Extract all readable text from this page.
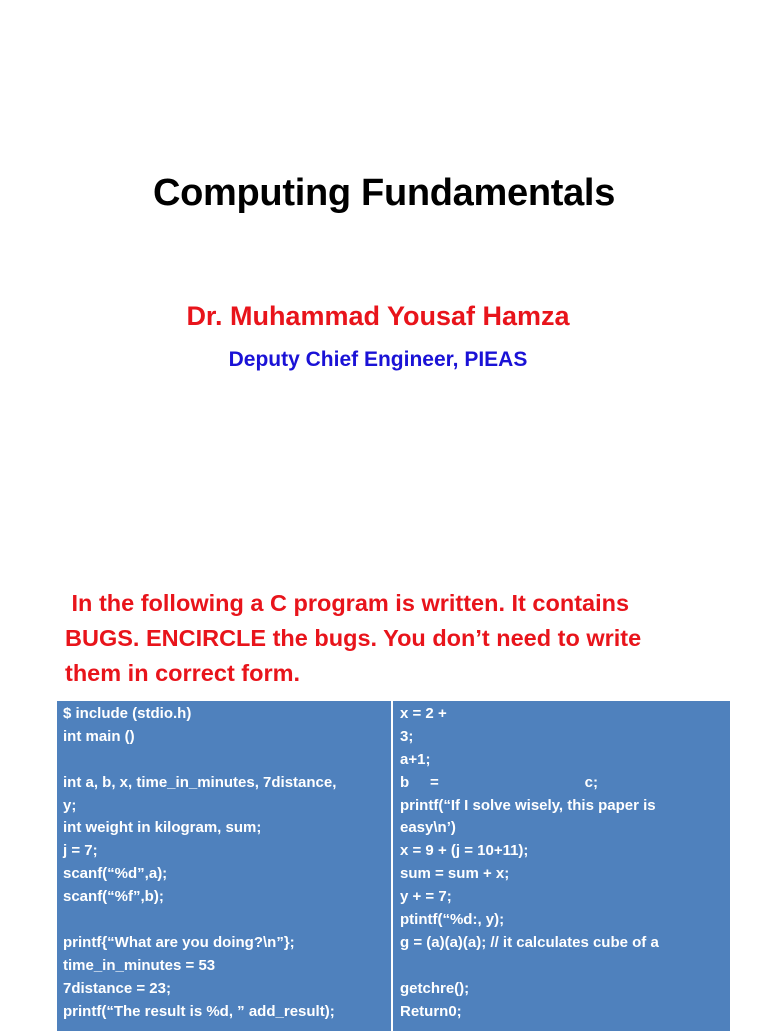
Computing Fundamentals
Dr. Muhammad Yousaf Hamza
Deputy Chief Engineer, PIEAS
In the following a C program is written. It contains
BUGS. ENCIRCLE the bugs. You don’t need to write
them in correct form.
$ include (stdio.h)
int main ()
int a, b, x, time_in_minutes, 7distance,
y;
int weight in kilogram, sum;
j = 7;
scanf(“%d”,a);
scanf(“%f”,b);
printf{“What are you doing?\n”};
time_in_minutes = 53
7distance = 23;
printf(“The result is %d, ” add_result);
x = 2 +
3;
a+1;
b     =                                   c;
printf(“If I solve wisely, this paper is
easy\n’)
x = 9 + (j = 10+11);
sum = sum + x;
y + = 7;
ptintf(“%d:, y);
g = (a)(a)(a); // it calculates cube of a
getchre();
Return0;
